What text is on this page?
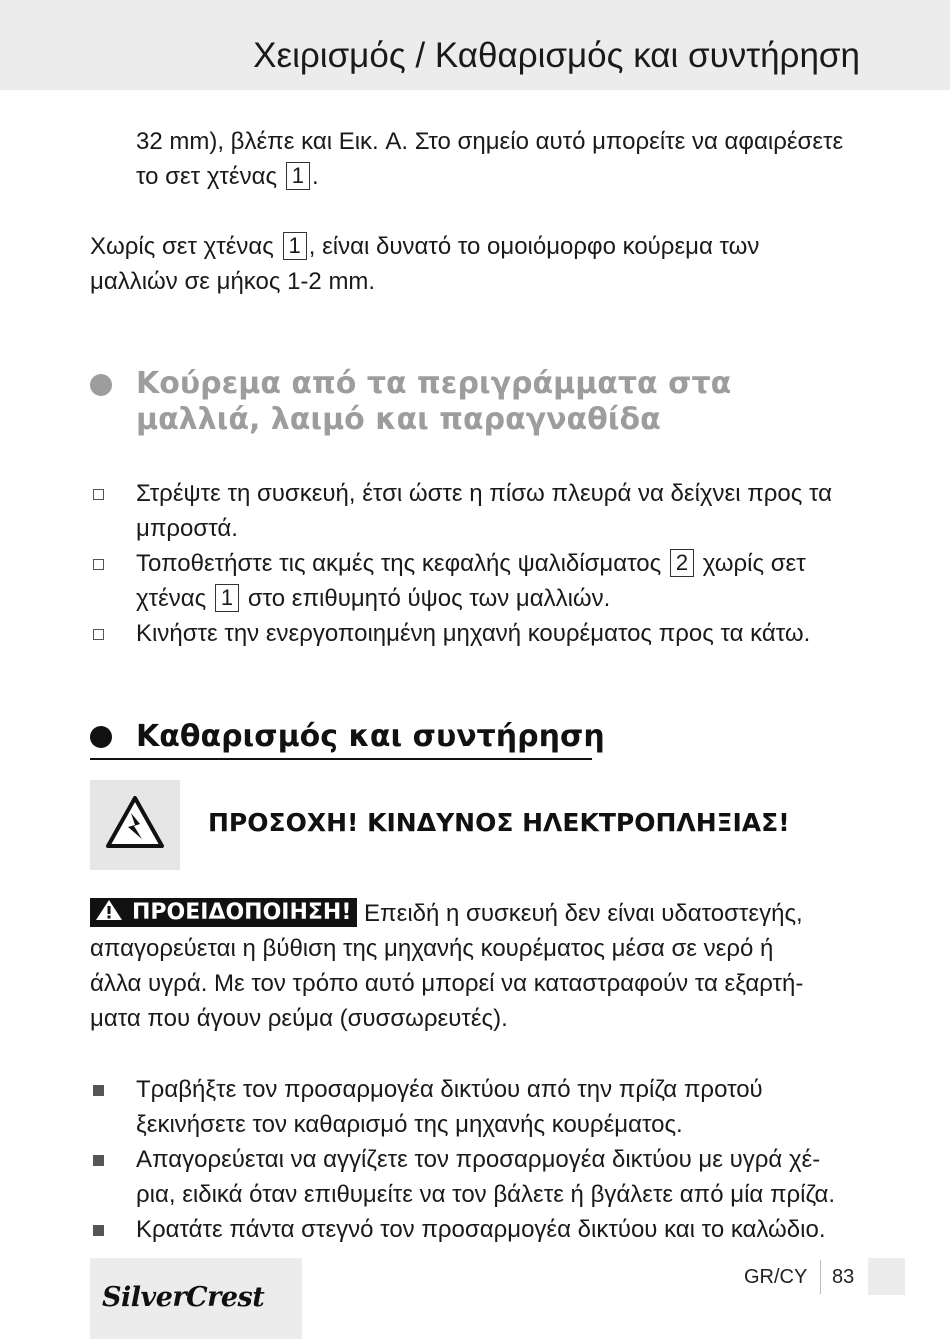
Χειρισμός / Καθαρισμός και συντήρηση

32 mm), βλέπε και Εικ. A. Στο σημείο αυτό μπορείτε να αφαιρέσετε

το σετ χτένας 1 .

Χωρίς σετ χτένας 1 , είναι δυνατό το ομοιόμορφο κούρεμα των

μαλλιών σε μήκος 1-2 mm.

Κούρεμα από τα περιγράμματα στα
μαλλιά, λαιμό και παραγναθίδα
Στρέψτε τη συσκευή, έτσι ώστε η πίσω πλευρά να δείχνει προς τα
μπροστά.
Τοποθετήστε τις ακμές της κεφαλής ψαλιδίσματος 2 χωρίς σετ
χτένας 1 στο επιθυμητό ύψος των μαλλιών.
Κινήστε την ενεργοποιημένη μηχανή κουρέματος προς τα κάτω.
Καθαρισμός και συντήρηση
ΠΡΟΣΟΧΗ! ΚΙΝΔΥΝΟΣ ΗΛΕΚΤΡΟΠΛΗΞΙΑΣ!
ΠΡΟΕΙΔΟΠΟΙΗΣΗ! Επειδή η συσκευή δεν είναι υδατοστεγής,
απαγορεύεται η βύθιση της μηχανής κουρέματος μέσα σε νερό ή
άλλα υγρά. Με τον τρόπο αυτό μπορεί να καταστραφούν τα εξαρτή-
ματα που άγουν ρεύμα (συσσωρευτές).
Τραβήξτε τον προσαρμογέα δικτύου από την πρίζα προτού
ξεκινήσετε τον καθαρισμό της μηχανής κουρέματος.
Απαγορεύεται να αγγίζετε τον προσαρμογέα δικτύου με υγρά χέ-
ρια, ειδικά όταν επιθυμείτε να τον βάλετε ή βγάλετε από μία πρίζα.
Κρατάτε πάντα στεγνό τον προσαρμογέα δικτύου και το καλώδιο.
SilverCrest
GR/CY 83
